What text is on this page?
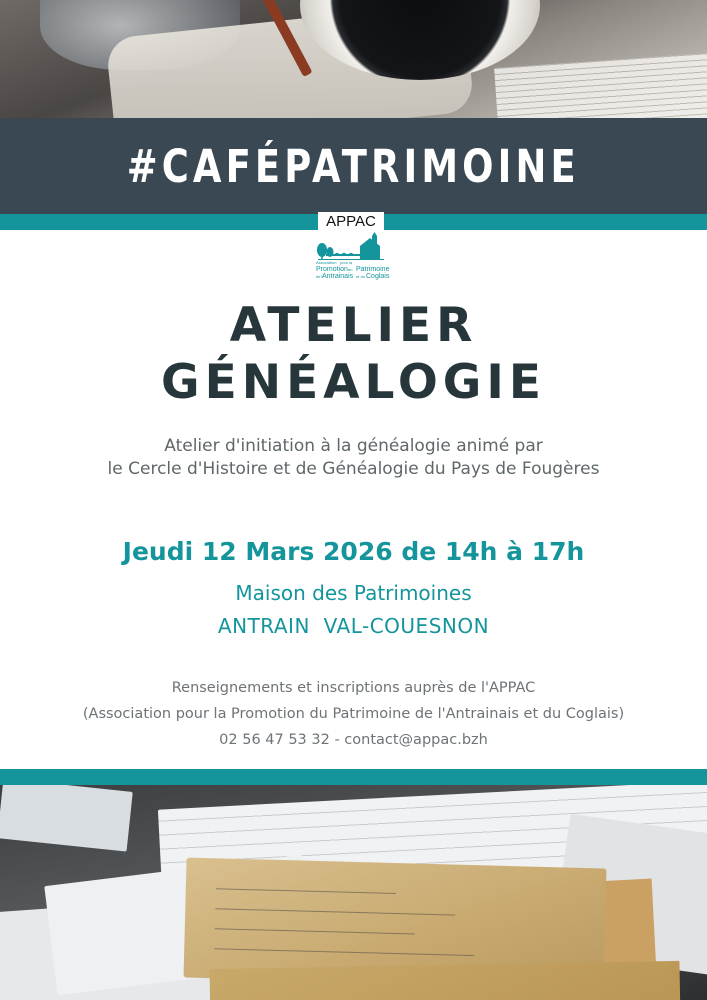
#CAFÉPATRIMOINE
APPAC
Association pour la
Promotion du Patrimoine
de l'
Antrainais et du Coglais
ATELIER
GÉNÉALOGIE
Atelier d'initiation à la généalogie animé par
le Cercle d'Histoire et de Généalogie du Pays de Fougères
Jeudi 12 Mars 2026 de 14h à 17h
Maison des Patrimoines
ANTRAIN  VAL-COUESNON
Renseignements et inscriptions auprès de l'APPAC
(Association pour la Promotion du Patrimoine de l'Antrainais et du Coglais)
02 56 47 53 32 - contact@appac.bzh
